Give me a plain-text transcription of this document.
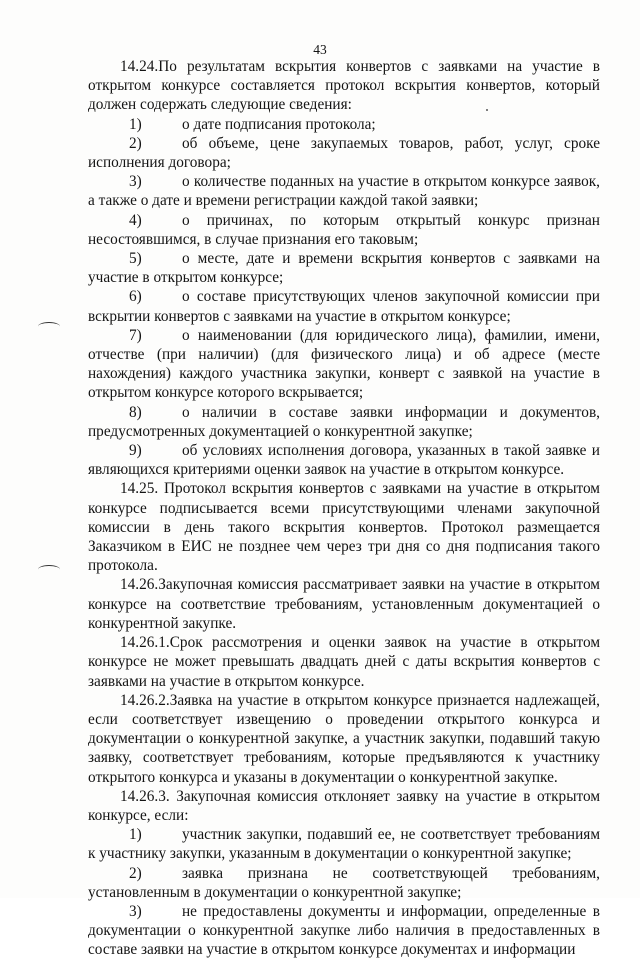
43

14.24.По результатам вскрытия конвертов с заявками на участие в открытом конкурсе составляется протокол вскрытия конвертов, который должен содержать следующие сведения:

1)	о дате подписания протокола;

2)	об объеме, цене закупаемых товаров, работ, услуг, сроке исполнения договора;

3)	о количестве поданных на участие в открытом конкурсе заявок, а также о дате и времени регистрации каждой такой заявки;

4)	о причинах, по которым открытый конкурс признан несостоявшимся, в случае признания его таковым;

5)	о месте, дате и времени вскрытия конвертов с заявками на участие в открытом конкурсе;

6)	о составе присутствующих членов закупочной комиссии при вскрытии конвертов с заявками на участие в открытом конкурсе;

7)	о наименовании (для юридического лица), фамилии, имени, отчестве (при наличии) (для физического лица) и об адресе (месте нахождения) каждого участника закупки, конверт с заявкой на участие в открытом конкурсе которого вскрывается;

8)	о наличии в составе заявки информации и документов, предусмотренных документацией о конкурентной закупке;

9)	об условиях исполнения договора, указанных в такой заявке и являющихся критериями оценки заявок на участие в открытом конкурсе.

14.25. Протокол вскрытия конвертов с заявками на участие в открытом конкурсе подписывается всеми присутствующими членами закупочной комиссии в день такого вскрытия конвертов. Протокол размещается Заказчиком в ЕИС не позднее чем через три дня со дня подписания такого протокола.

14.26.Закупочная комиссия рассматривает заявки на участие в открытом конкурсе на соответствие требованиям, установленным документацией о конкурентной закупке.

14.26.1.Срок рассмотрения и оценки заявок на участие в открытом конкурсе не может превышать двадцать дней с даты вскрытия конвертов с заявками на участие в открытом конкурсе.

14.26.2.Заявка на участие в открытом конкурсе признается надлежащей, если соответствует извещению о проведении открытого конкурса и документации о конкурентной закупке, а участник закупки, подавший такую заявку, соответствует требованиям, которые предъявляются к участнику открытого конкурса и указаны в документации о конкурентной закупке.

14.26.3. Закупочная комиссия отклоняет заявку на участие в открытом конкурсе, если:

1)	участник закупки, подавший ее, не соответствует требованиям к участнику закупки, указанным в документации о конкурентной закупке;

2)	заявка признана не соответствующей требованиям, установленным в документации о конкурентной закупке;

3)	не предоставлены документы и информации, определенные в документации о конкурентной закупке либо наличия в предоставленных в составе заявки на участие в открытом конкурсе документах и информации
